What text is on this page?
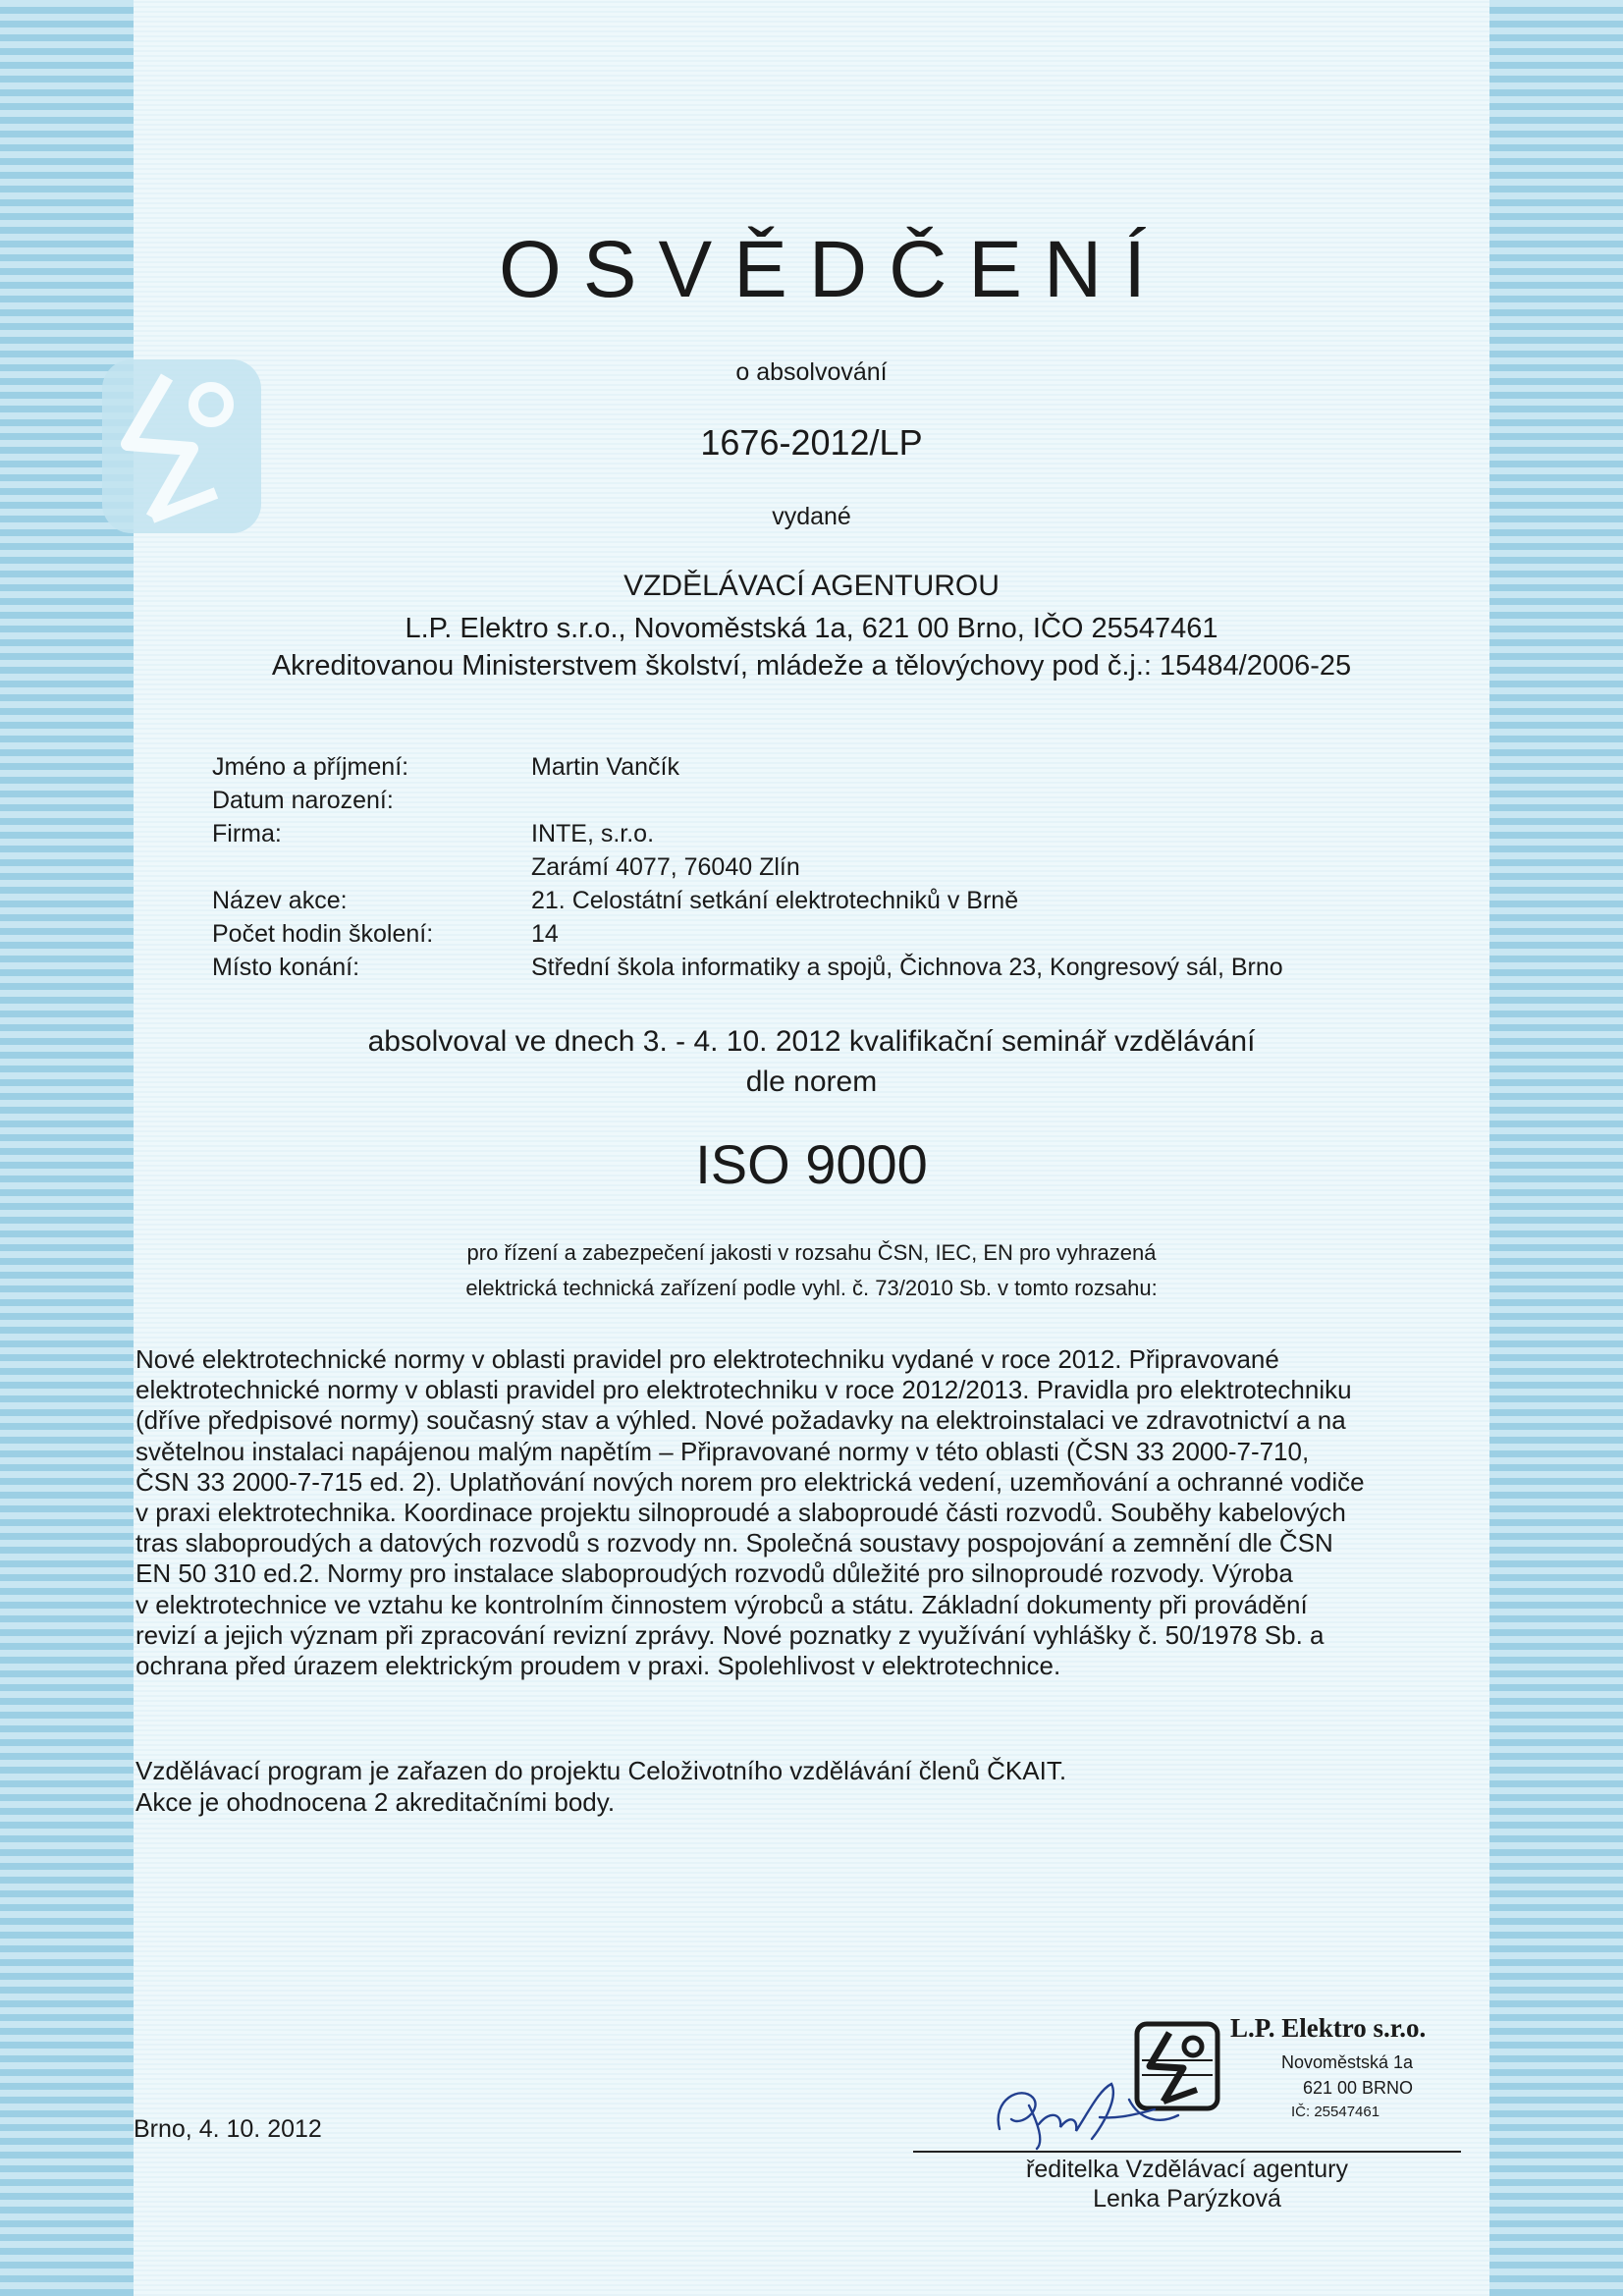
OSVĚDČENÍ
o absolvování
1676-2012/LP
vydané
VZDĚLÁVACÍ AGENTUROU
L.P. Elektro s.r.o., Novoměstská 1a, 621 00 Brno, IČO 25547461
Akreditovanou Ministerstvem školství, mládeže a tělovýchovy pod č.j.: 15484/2006-25
Jméno a příjmení:	Martin Vančík
Datum narození:
Firma:	INTE, s.r.o.
Zarámí 4077, 76040 Zlín
Název akce:	21. Celostátní setkání elektrotechniků v Brně
Počet hodin školení:	14
Místo konání:	Střední škola informatiky a spojů, Čichnova 23, Kongresový sál, Brno
absolvoval ve dnech 3. - 4. 10. 2012 kvalifikační seminář vzdělávání
dle norem
ISO 9000
pro řízení a zabezpečení jakosti v rozsahu ČSN, IEC, EN pro vyhrazená
elektrická technická zařízení podle vyhl. č. 73/2010 Sb. v tomto rozsahu:

Nové elektrotechnické normy v oblasti pravidel pro elektrotechniku vydané v roce 2012. Připravované

elektrotechnické normy v oblasti pravidel pro elektrotechniku v roce 2012/2013. Pravidla pro elektrotechniku

(dříve předpisové normy) současný stav a výhled. Nové požadavky na elektroinstalaci ve zdravotnictví a na

světelnou instalaci napájenou malým napětím – Připravované normy v této oblasti (ČSN 33 2000-7-710,

ČSN 33 2000-7-715 ed. 2). Uplatňování nových norem pro elektrická vedení, uzemňování a ochranné vodiče

v praxi elektrotechnika. Koordinace projektu silnoproudé a slaboproudé části rozvodů. Souběhy kabelových

tras slaboproudých a datových rozvodů s rozvody nn. Společná soustavy pospojování a zemnění dle ČSN

EN 50 310 ed.2. Normy pro instalace slaboproudých rozvodů důležité pro silnoproudé rozvody. Výroba

v elektrotechnice ve vztahu ke kontrolním činnostem výrobců a státu. Základní dokumenty při provádění

revizí a jejich význam při zpracování revizní zprávy. Nové poznatky z využívání vyhlášky č. 50/1978 Sb. a

ochrana před úrazem elektrickým proudem v praxi. Spolehlivost v elektrotechnice.

Vzdělávací program je zařazen do projektu Celoživotního vzdělávání členů ČKAIT.

Akce je ohodnocena 2 akreditačními body.

Brno, 4. 10. 2012
L.P. Elektro s.r.o.
Novoměstská 1a
621 00 BRNO
IČ: 25547461
ředitelka Vzdělávací agentury
Lenka Parýzková
